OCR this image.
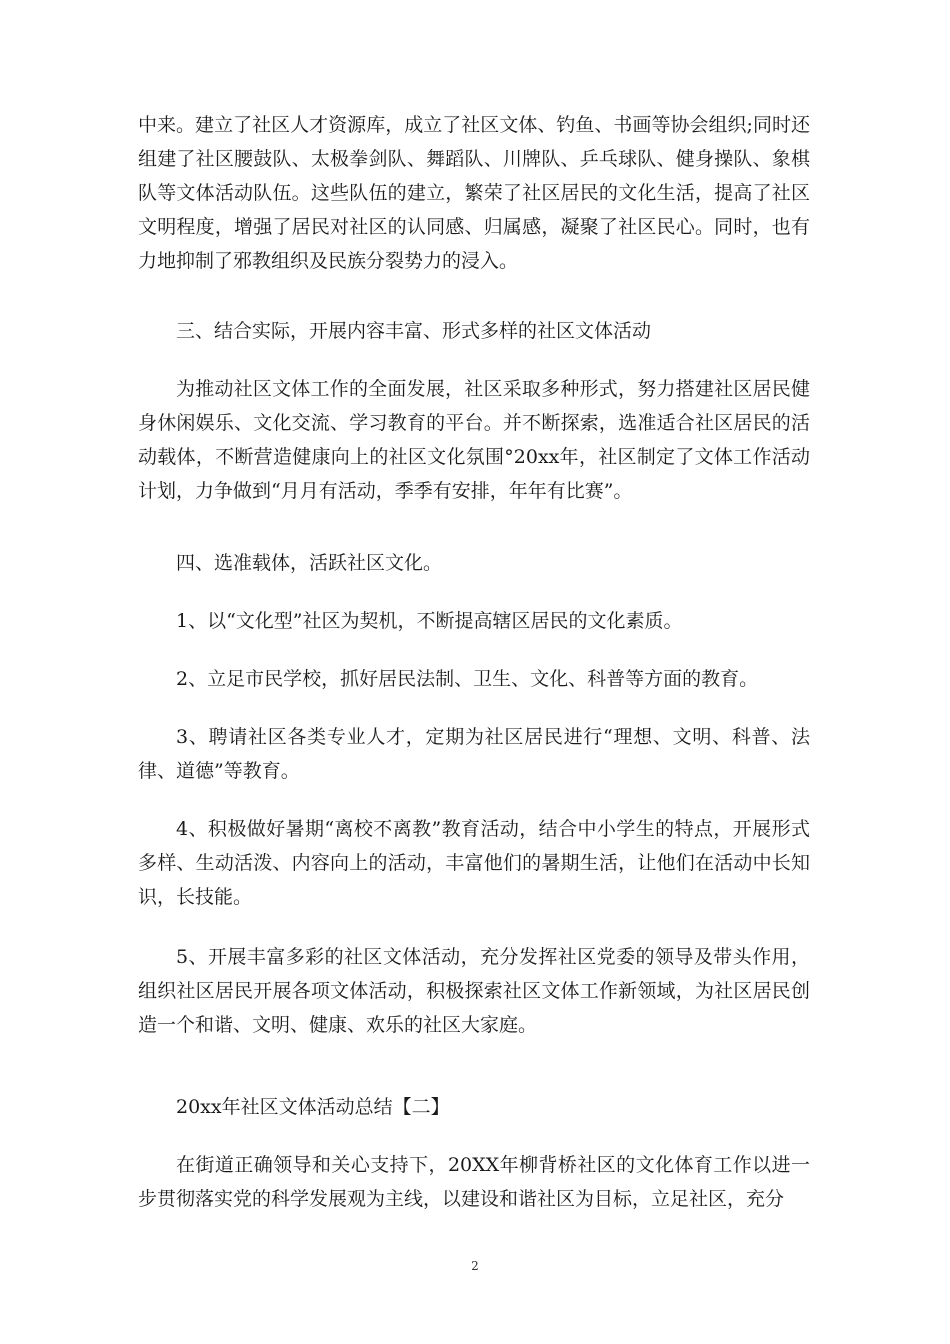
中来。建立了社区人才资源库，成立了社区文体、钓鱼、书画等协会组织;同时还组建了社区腰鼓队、太极拳剑队、舞蹈队、川牌队、乒乓球队、健身操队、象棋队等文体活动队伍。这些队伍的建立，繁荣了社区居民的文化生活，提高了社区文明程度，增强了居民对社区的认同感、归属感，凝聚了社区民心。同时，也有力地抑制了邪教组织及民族分裂势力的浸入。

三、结合实际，开展内容丰富、形式多样的社区文体活动

为推动社区文体工作的全面发展，社区采取多种形式，努力搭建社区居民健身休闲娱乐、文化交流、学习教育的平台。并不断探索，选准适合社区居民的活动载体，不断营造健康向上的社区文化氛围°20xx年，社区制定了文体工作活动计划，力争做到“月月有活动，季季有安排，年年有比赛”。

四、选准载体，活跃社区文化。

1、以“文化型”社区为契机，不断提高辖区居民的文化素质。

2、立足市民学校，抓好居民法制、卫生、文化、科普等方面的教育。

3、聘请社区各类专业人才，定期为社区居民进行“理想、文明、科普、法律、道德”等教育。

4、积极做好暑期“离校不离教”教育活动，结合中小学生的特点，开展形式多样、生动活泼、内容向上的活动，丰富他们的暑期生活，让他们在活动中长知识，长技能。

5、开展丰富多彩的社区文体活动，充分发挥社区党委的领导及带头作用，组织社区居民开展各项文体活动，积极探索社区文体工作新领域，为社区居民创造一个和谐、文明、健康、欢乐的社区大家庭。

20xx年社区文体活动总结【二】

在街道正确领导和关心支持下，20XX年柳背桥社区的文化体育工作以进一步贯彻落实党的科学发展观为主线，以建设和谐社区为目标，立足社区，充分

2
